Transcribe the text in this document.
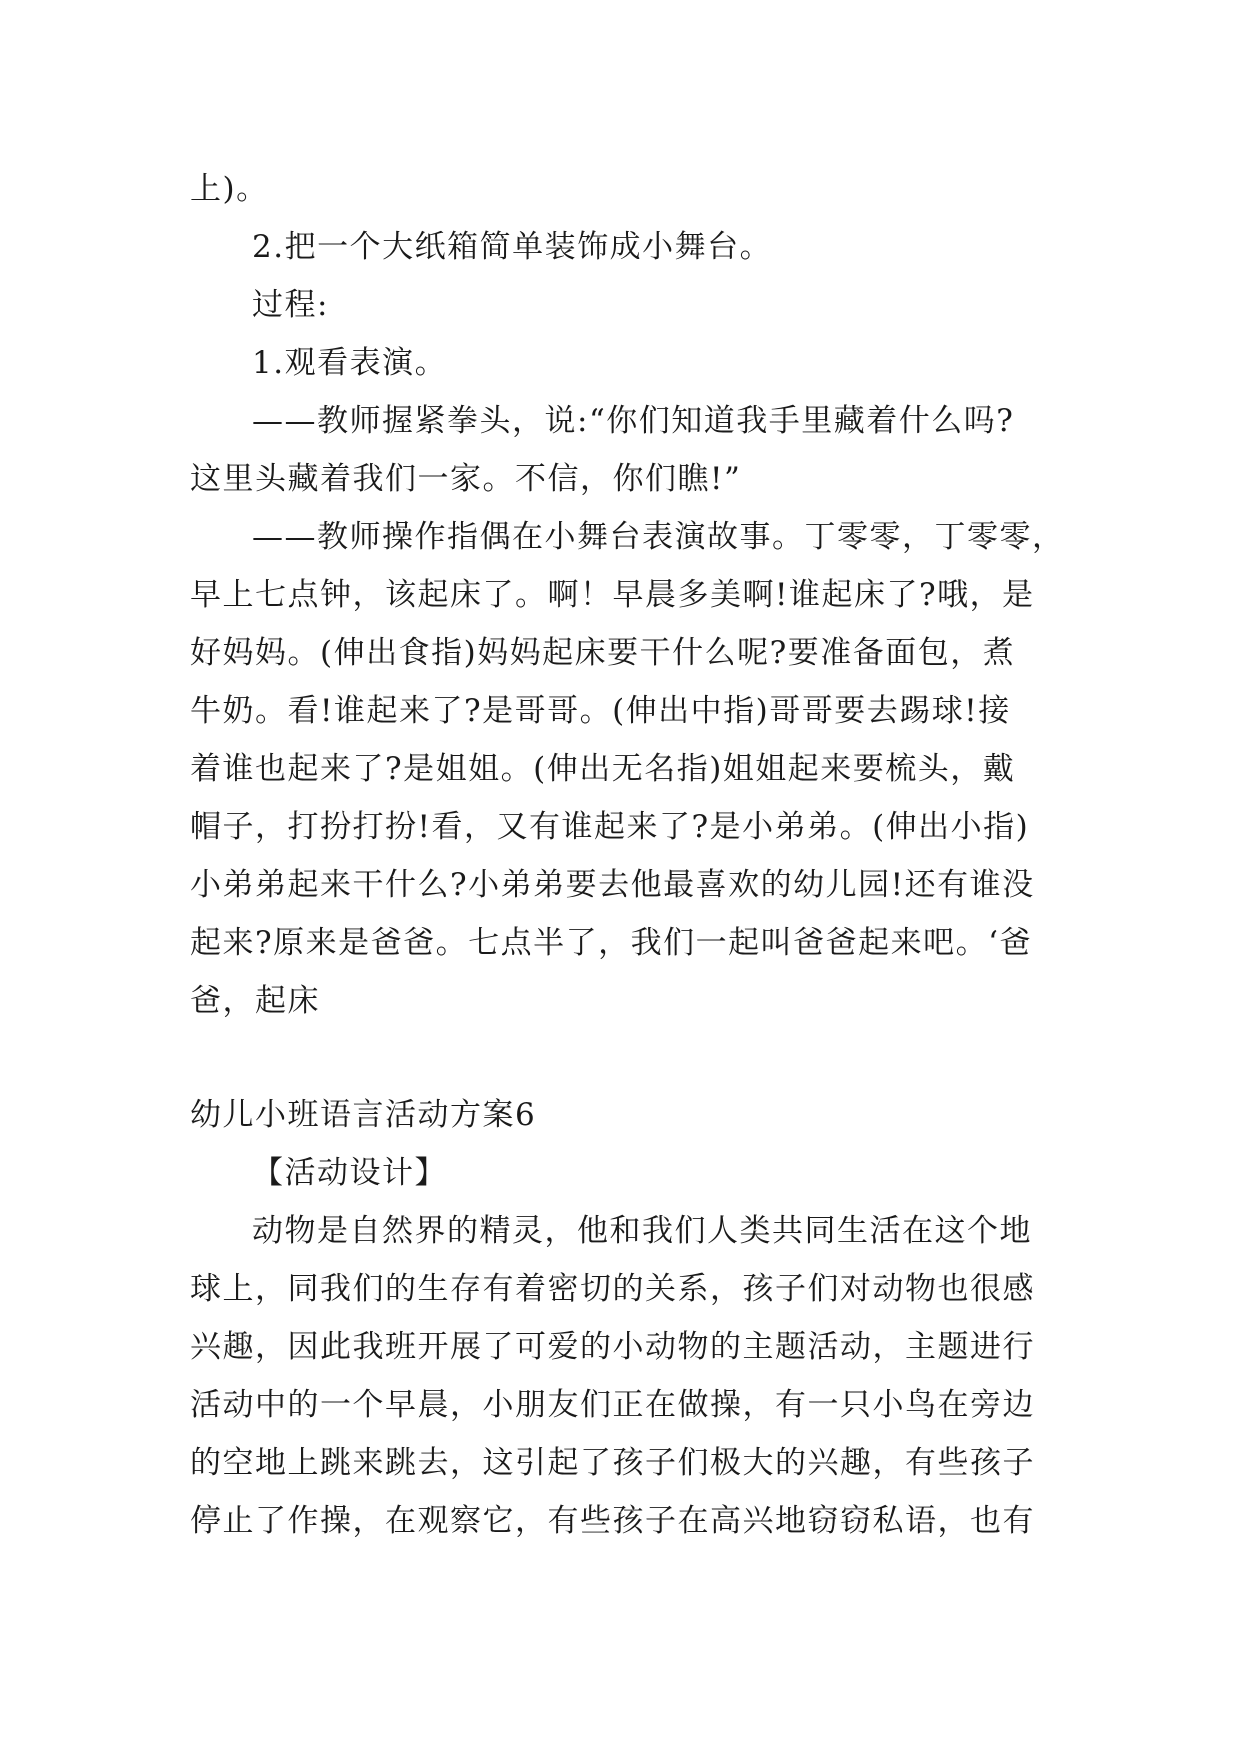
上)。
2.把一个大纸箱简单装饰成小舞台。
过程:
1.观看表演。
——教师握紧拳头，说:“你们知道我手里藏着什么吗?
这里头藏着我们一家。不信，你们瞧!”
——教师操作指偶在小舞台表演故事。丁零零，丁零零，
早上七点钟，该起床了。啊！早晨多美啊!谁起床了?哦，是
好妈妈。(伸出食指)妈妈起床要干什么呢?要准备面包，煮
牛奶。看!谁起来了?是哥哥。(伸出中指)哥哥要去踢球!接
着谁也起来了?是姐姐。(伸出无名指)姐姐起来要梳头，戴
帽子，打扮打扮!看，又有谁起来了?是小弟弟。(伸出小指)
小弟弟起来干什么?小弟弟要去他最喜欢的幼儿园!还有谁没
起来?原来是爸爸。七点半了，我们一起叫爸爸起来吧。‘爸
爸，起床
幼儿小班语言活动方案6
【活动设计】
动物是自然界的精灵，他和我们人类共同生活在这个地
球上，同我们的生存有着密切的关系，孩子们对动物也很感
兴趣，因此我班开展了可爱的小动物的主题活动，主题进行
活动中的一个早晨，小朋友们正在做操，有一只小鸟在旁边
的空地上跳来跳去，这引起了孩子们极大的兴趣，有些孩子
停止了作操，在观察它，有些孩子在高兴地窃窃私语，也有
